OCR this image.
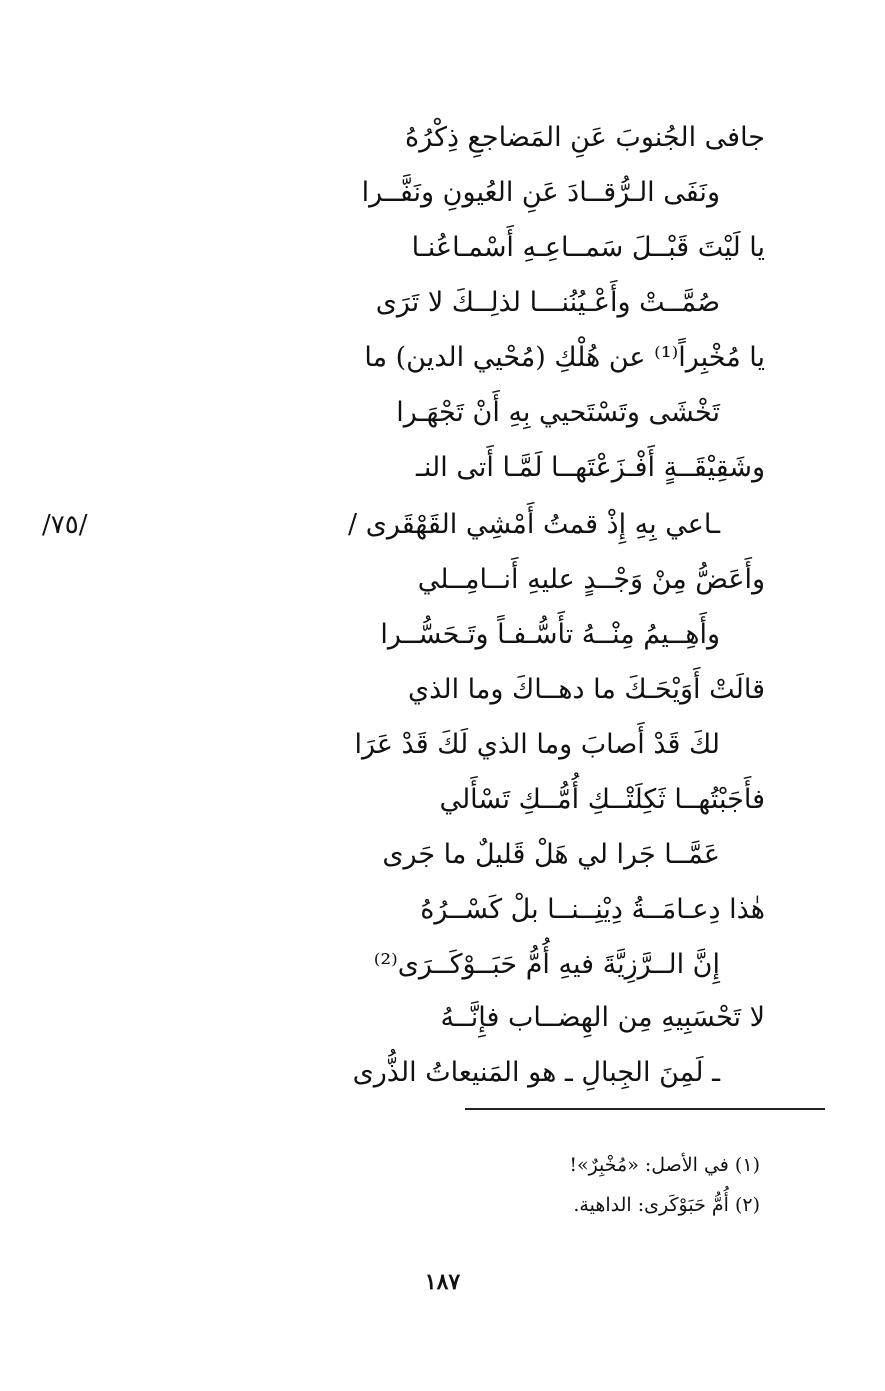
جافى الجُنوبَ عَنِ المَضاجعِ ذِكْرُهُ
ونَفَى الـرُّقــادَ عَنِ العُيونِ ونَفَّــرا
يا لَيْتَ قَبْــلَ سَمــاعِـهِ أَسْمـاعُنـا
صُمَّــتْ وأَعْـيُنُنـــا لذلِــكَ لا تَرَى
يا مُخْبِراً⁽¹⁾ عن هُلْكِ (مُحْيي الدين) ما
تَخْشَى وتَسْتَحيي بِهِ أَنْ تَجْهَـرا
وشَقِيْقَــةٍ أَفْـزَعْتَهــا لَمَّـا أَتى النـ
ـاعي بِهِ إِذْ قمتُ أَمْشِي القَهْقَرى /
وأَعَضُّ مِنْ وَجْــدٍ عليهِ أَنــامِــلي
وأَهِــيمُ مِنْــهُ تأَسُّـفـاً وتَـحَسُّــرا
قالَتْ أَوَيْحَـكَ ما دهــاكَ وما الذي
لكَ قَدْ أَصابَ وما الذي لَكَ قَدْ عَرَا
فأَجَبْتُهــا ثَكِلَتْــكِ أُمُّــكِ تَسْأَلي
عَمَّــا جَرا لي هَلْ قَليلٌ ما جَرى
هٰذا دِعـامَــةُ دِيْنِــنــا بلْ كَسْــرُهُ
إِنَّ الــرَّزِيَّةَ فيهِ أُمُّ حَبَــوْكَــرَى⁽²⁾
لا تَحْسَبِيهِ مِن الهِضــاب فإِنَّــهُ
ـ لَمِنَ الجِبالِ ـ هو المَنيعاتُ الذُّرى
/٧٥/
(١) في الأصل: «مُخْبِرٌ»!
(٢) أُمُّ حَبَوْكَرى: الداهية.
١٨٧
